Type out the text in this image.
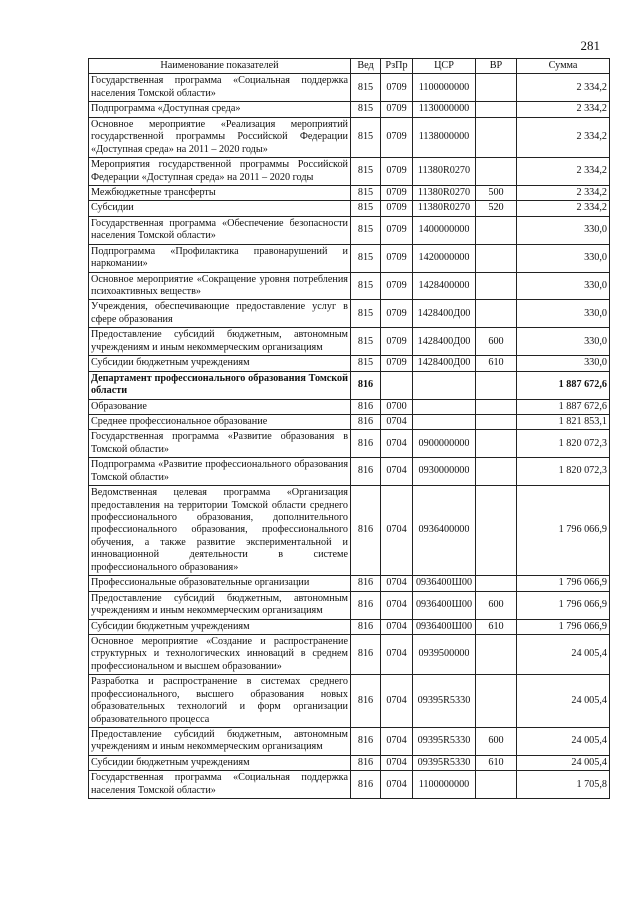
281
Наименование показателей	Вед	РзПр	ЦСР	ВР	Сумма
Государственная программа «Социальная поддержка населения Томской области»	815	0709	1100000000		2 334,2
Подпрограмма «Доступная среда»	815	0709	1130000000		2 334,2
Основное мероприятие «Реализация мероприятий государственной программы Российской Федерации «Доступная среда» на 2011 – 2020 годы»	815	0709	1138000000		2 334,2
Мероприятия государственной программы Российской Федерации «Доступная среда» на 2011 – 2020 годы	815	0709	11380R0270		2 334,2
Межбюджетные трансферты	815	0709	11380R0270	500	2 334,2
Субсидии	815	0709	11380R0270	520	2 334,2
Государственная программа «Обеспечение безопасности населения Томской области»	815	0709	1400000000		330,0
Подпрограмма «Профилактика правонарушений и наркомании»	815	0709	1420000000		330,0
Основное мероприятие «Сокращение уровня потребления психоактивных веществ»	815	0709	1428400000		330,0
Учреждения, обеспечивающие предоставление услуг в сфере образования	815	0709	1428400Д00		330,0
Предоставление субсидий бюджетным, автономным учреждениям и иным некоммерческим организациям	815	0709	1428400Д00	600	330,0
Субсидии бюджетным учреждениям	815	0709	1428400Д00	610	330,0
Департамент профессионального образования Томской области	816				1 887 672,6
Образование	816	0700			1 887 672,6
Среднее профессиональное образование	816	0704			1 821 853,1
Государственная программа «Развитие образования в Томской области»	816	0704	0900000000		1 820 072,3
Подпрограмма «Развитие профессионального образования Томской области»	816	0704	0930000000		1 820 072,3
Ведомственная целевая программа «Организация предоставления на территории Томской области среднего профессионального образования, дополнительного профессионального образования, профессионального обучения, а также развитие экспериментальной и инновационной деятельности в системе профессионального образования»	816	0704	0936400000		1 796 066,9
Профессиональные образовательные организации	816	0704	0936400Ш00		1 796 066,9
Предоставление субсидий бюджетным, автономным учреждениям и иным некоммерческим организациям	816	0704	0936400Ш00	600	1 796 066,9
Субсидии бюджетным учреждениям	816	0704	0936400Ш00	610	1 796 066,9
Основное мероприятие «Создание и распространение структурных и технологических инноваций в среднем профессиональном и высшем образовании»	816	0704	0939500000		24 005,4
Разработка и распространение в системах среднего профессионального, высшего образования новых образовательных технологий и форм организации образовательного процесса	816	0704	09395R5330		24 005,4
Предоставление субсидий бюджетным, автономным учреждениям и иным некоммерческим организациям	816	0704	09395R5330	600	24 005,4
Субсидии бюджетным учреждениям	816	0704	09395R5330	610	24 005,4
Государственная программа «Социальная поддержка населения Томской области»	816	0704	1100000000		1 705,8
